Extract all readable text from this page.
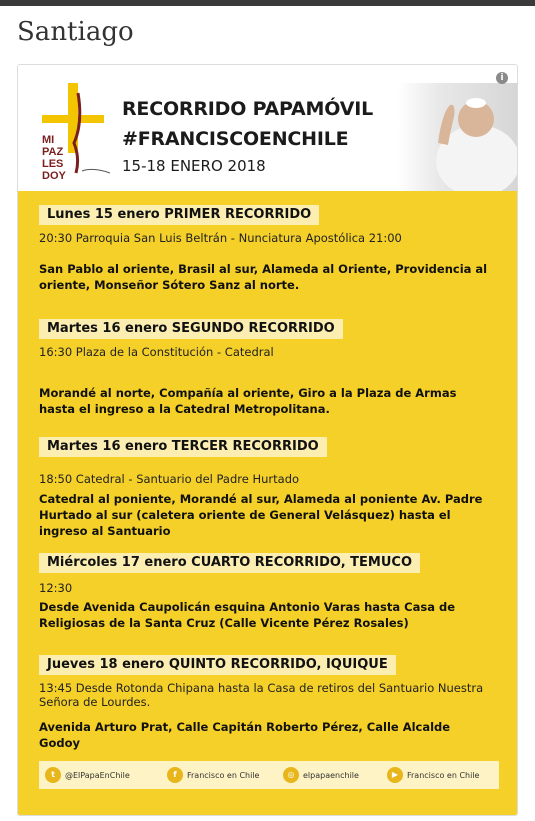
Santiago
MI
PAZ
LES
DOY
RECORRIDO PAPAMÓVIL
#FRANCISCOENCHILE
15-18 ENERO 2018
i
Lunes 15 enero PRIMER RECORRIDO
20:30 Parroquia San Luis Beltrán - Nunciatura Apostólica 21:00
San Pablo al oriente, Brasil al sur, Alameda al Oriente, Providencia al oriente, Monseñor Sótero Sanz al norte.
Martes 16 enero SEGUNDO RECORRIDO
16:30 Plaza de la Constitución - Catedral
Morandé al norte, Compañía al oriente, Giro a la Plaza de Armas hasta el ingreso a la Catedral Metropolitana.
Martes 16 enero TERCER RECORRIDO
18:50 Catedral - Santuario del Padre Hurtado
Catedral al poniente, Morandé al sur, Alameda al poniente Av. Padre Hurtado al sur (caletera oriente de General Velásquez) hasta el ingreso al Santuario
Miércoles 17 enero CUARTO RECORRIDO, TEMUCO
12:30
Desde Avenida Caupolicán esquina Antonio Varas hasta Casa de Religiosas de la Santa Cruz (Calle Vicente Pérez Rosales)
Jueves 18 enero QUINTO RECORRIDO, IQUIQUE
13:45 Desde Rotonda Chipana hasta la Casa de retiros del Santuario Nuestra Señora de Lourdes.
Avenida Arturo Prat, Calle Capitán Roberto Pérez, Calle Alcalde Godoy
t	@ElPapaEnChile	f	Francisco en Chile	◎	elpapaenchile	▶	Francisco en Chile
